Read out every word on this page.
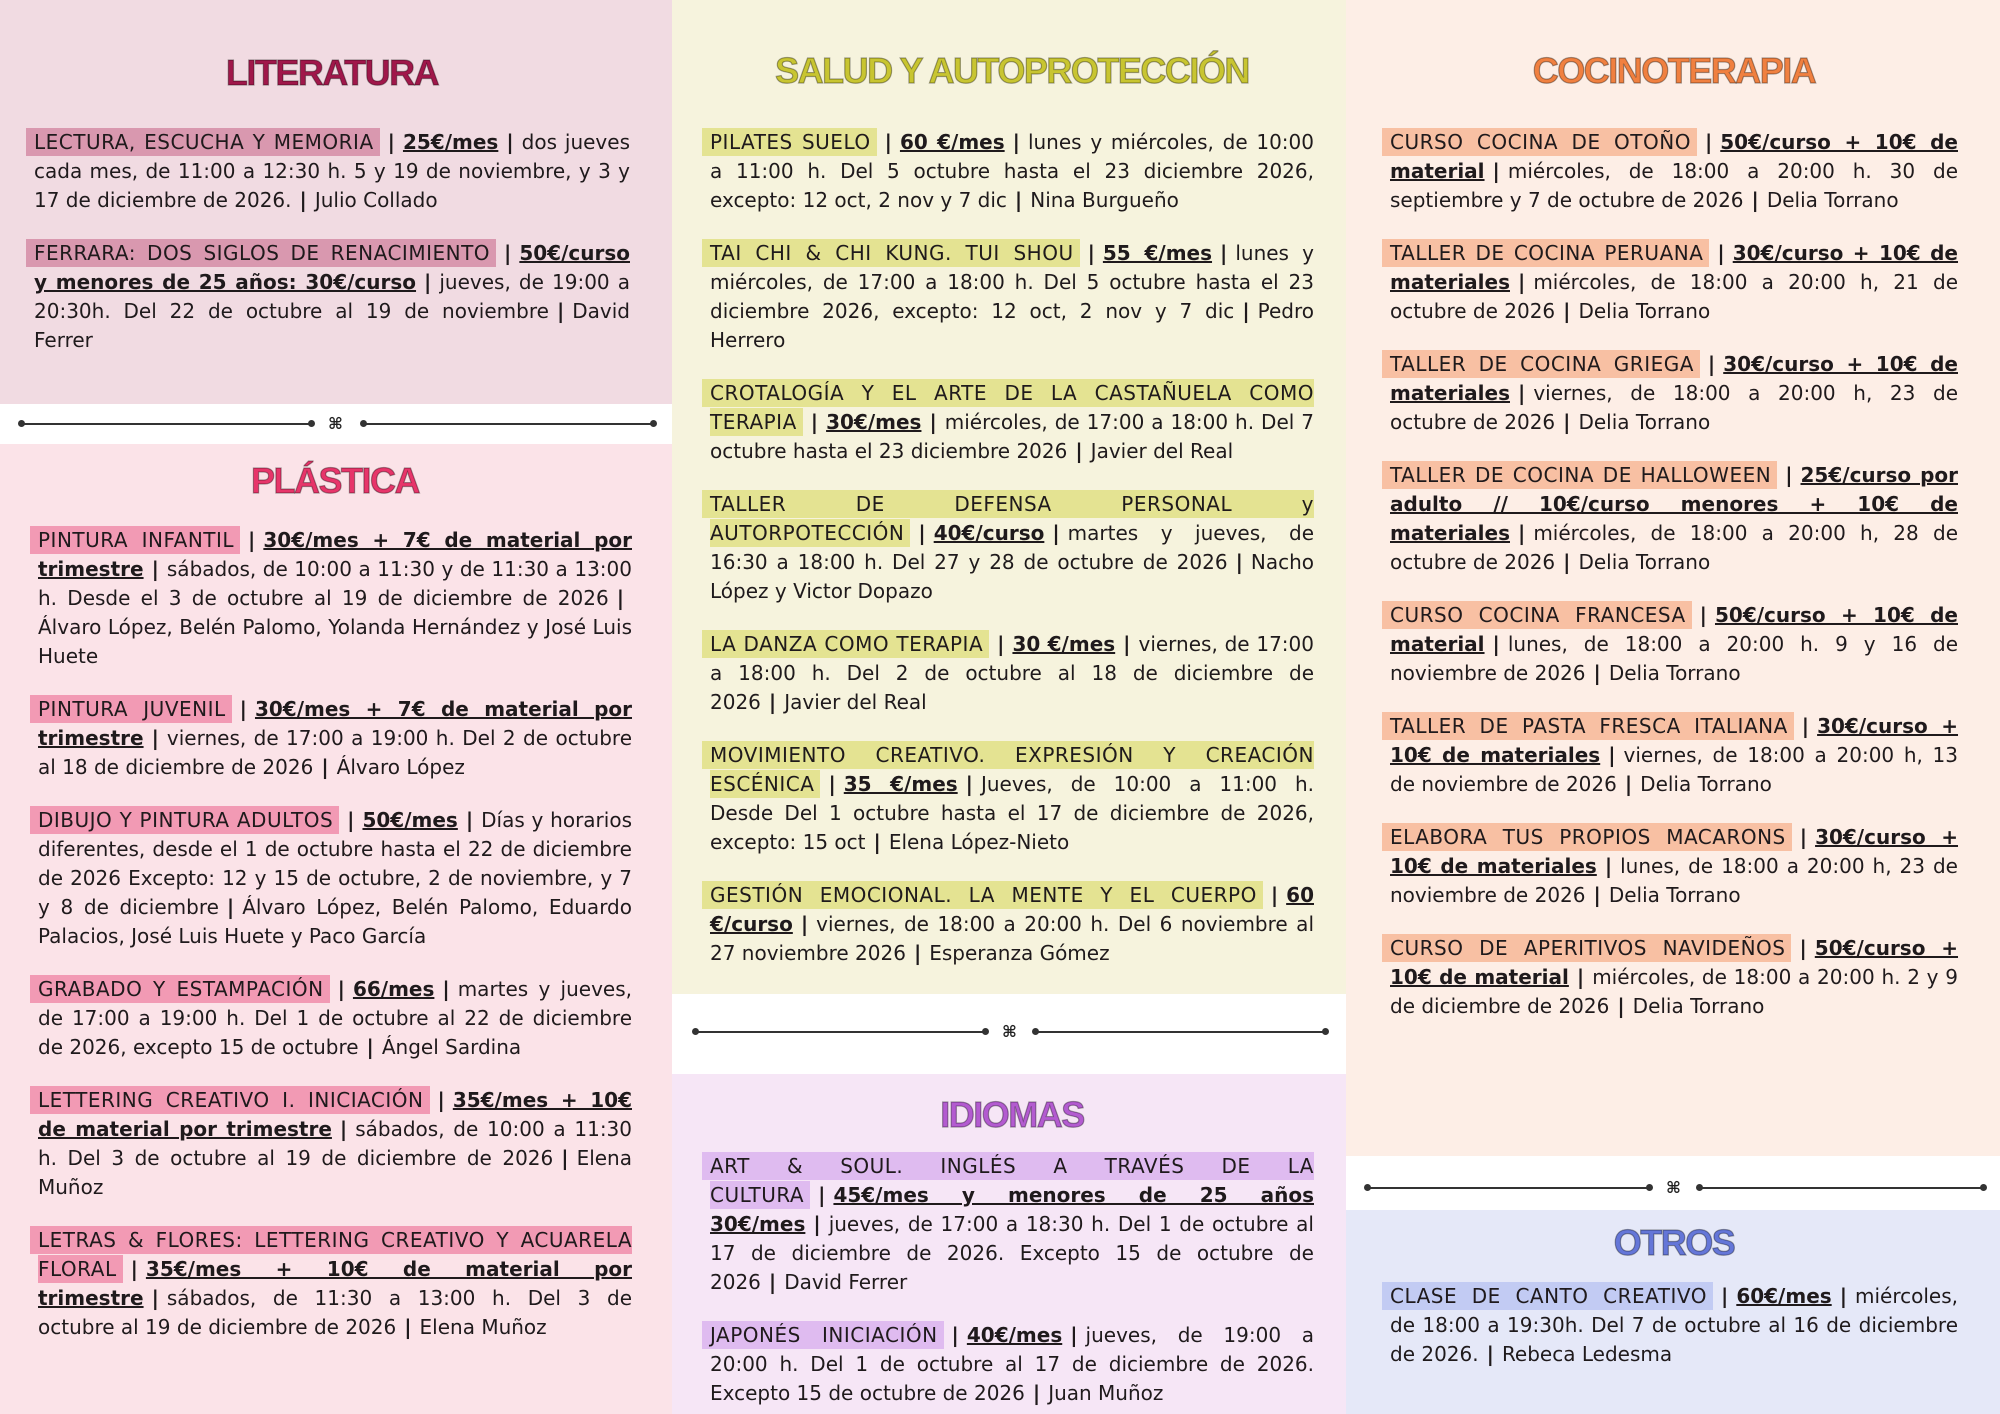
LITERATURA

LECTURA, ESCUCHA Y MEMORIA | 25€/mes | dos jueves cada mes, de 11:00 a 12:30 h. 5 y 19 de noviembre, y 3 y 17 de diciembre de 2026. | Julio Collado

FERRARA: DOS SIGLOS DE RENACIMIENTO | 50€/curso y menores de 25 años: 30€/curso | jueves, de 19:00 a 20:30h. Del 22 de octubre al 19 de noviembre | David Ferrer

⌘
PLÁSTICA

PINTURA INFANTIL | 30€/mes + 7€ de material por trimestre | sábados, de 10:00 a 11:30 y de 11:30 a 13:00 h. Desde el 3 de octubre al 19 de diciembre de 2026 |Álvaro López, Belén Palomo, Yolanda Hernández y José Luis Huete

PINTURA JUVENIL | 30€/mes + 7€ de material por trimestre | viernes, de 17:00 a 19:00 h. Del 2 de octubre al 18 de diciembre de 2026 | Álvaro López

DIBUJO Y PINTURA ADULTOS | 50€/mes | Días y horarios diferentes, desde el 1 de octubre hasta el 22 de diciembre de 2026 Excepto: 12 y 15 de octubre, 2 de noviembre, y 7 y 8 de diciembre | Álvaro López, Belén Palomo, Eduardo Palacios, José Luis Huete y Paco García

GRABADO Y ESTAMPACIÓN | 66/mes | martes y jueves, de 17:00 a 19:00 h. Del 1 de octubre al 22 de diciembre de 2026, excepto 15 de octubre | Ángel Sardina

LETTERING CREATIVO I. INICIACIÓN | 35€/mes + 10€ de material por trimestre | sábados, de 10:00 a 11:30 h. Del 3 de octubre al 19 de diciembre de 2026 | Elena Muñoz

LETRAS & FLORES: LETTERING CREATIVO Y ACUARELA FLORAL | 35€/mes + 10€ de material por trimestre | sábados, de 11:30 a 13:00 h. Del 3 de octubre al 19 de diciembre de 2026 | Elena Muñoz

SALUD Y AUTOPROTECCIÓN

PILATES SUELO | 60 €/mes | lunes y miércoles, de 10:00 a 11:00 h. Del 5 octubre hasta el 23 diciembre 2026, excepto: 12 oct, 2 nov y 7 dic | Nina Burgueño

TAI CHI & CHI KUNG. TUI SHOU | 55 €/mes | lunes y miércoles, de 17:00 a 18:00 h. Del 5 octubre hasta el 23 diciembre 2026, excepto: 12 oct, 2 nov y 7 dic | Pedro Herrero

CROTALOGÍA Y EL ARTE DE LA CASTAÑUELA COMO TERAPIA | 30€/mes | miércoles, de 17:00 a 18:00 h. Del 7 octubre hasta el 23 diciembre 2026 | Javier del Real

TALLER DE DEFENSA PERSONAL y AUTORPOTECCIÓN | 40€/curso | martes y jueves, de 16:30 a 18:00 h. Del 27 y 28 de octubre de 2026 | Nacho López y Victor Dopazo

LA DANZA COMO TERAPIA | 30 €/mes | viernes, de 17:00 a 18:00 h. Del 2 de octubre al 18 de diciembre de 2026 | Javier del Real

MOVIMIENTO CREATIVO. EXPRESIÓN Y CREACIÓN ESCÉNICA | 35 €/mes | Jueves, de 10:00 a 11:00 h. Desde Del 1 octubre hasta el 17 de diciembre de 2026, excepto: 15 oct | Elena López-Nieto

GESTIÓN EMOCIONAL. LA MENTE Y EL CUERPO | 60 €/curso | viernes, de 18:00 a 20:00 h. Del 6 noviembre al 27 noviembre 2026 | Esperanza Gómez

⌘
IDIOMAS

ART & SOUL. INGLÉS A TRAVÉS DE LA CULTURA | 45€/mes y menores de 25 años 30€/mes | jueves, de 17:00 a 18:30 h. Del 1 de octubre al 17 de diciembre de 2026. Excepto 15 de octubre de 2026 | David Ferrer

JAPONÉS INICIACIÓN | 40€/mes | jueves, de 19:00 a 20:00 h. Del 1 de octubre al 17 de diciembre de 2026. Excepto 15 de octubre de 2026 | Juan Muñoz

COCINOTERAPIA

CURSO COCINA DE OTOÑO | 50€/curso + 10€ de material | miércoles, de 18:00 a 20:00 h. 30 de septiembre y 7 de octubre de 2026 | Delia Torrano

TALLER DE COCINA PERUANA | 30€/curso + 10€ de materiales | miércoles, de 18:00 a 20:00 h, 21 de octubre de 2026 | Delia Torrano

TALLER DE COCINA GRIEGA | 30€/curso + 10€ de materiales | viernes, de 18:00 a 20:00 h, 23 de octubre de 2026 | Delia Torrano

TALLER DE COCINA DE HALLOWEEN | 25€/curso por adulto // 10€/curso menores + 10€ de materiales | miércoles, de 18:00 a 20:00 h, 28 de octubre de 2026 | Delia Torrano

CURSO COCINA FRANCESA | 50€/curso + 10€ de material | lunes, de 18:00 a 20:00 h. 9 y 16 de noviembre de 2026 | Delia Torrano

TALLER DE PASTA FRESCA ITALIANA | 30€/curso + 10€ de materiales | viernes, de 18:00 a 20:00 h, 13 de noviembre de 2026 | Delia Torrano

ELABORA TUS PROPIOS MACARONS | 30€/curso + 10€ de materiales | lunes, de 18:00 a 20:00 h, 23 de noviembre de 2026 | Delia Torrano

CURSO DE APERITIVOS NAVIDEÑOS | 50€/curso + 10€ de material | miércoles, de 18:00 a 20:00 h. 2 y 9 de diciembre de 2026 | Delia Torrano

⌘
OTROS

CLASE DE CANTO CREATIVO | 60€/mes | miércoles, de 18:00 a 19:30h. Del 7 de octubre al 16 de diciembre de 2026. | Rebeca Ledesma
